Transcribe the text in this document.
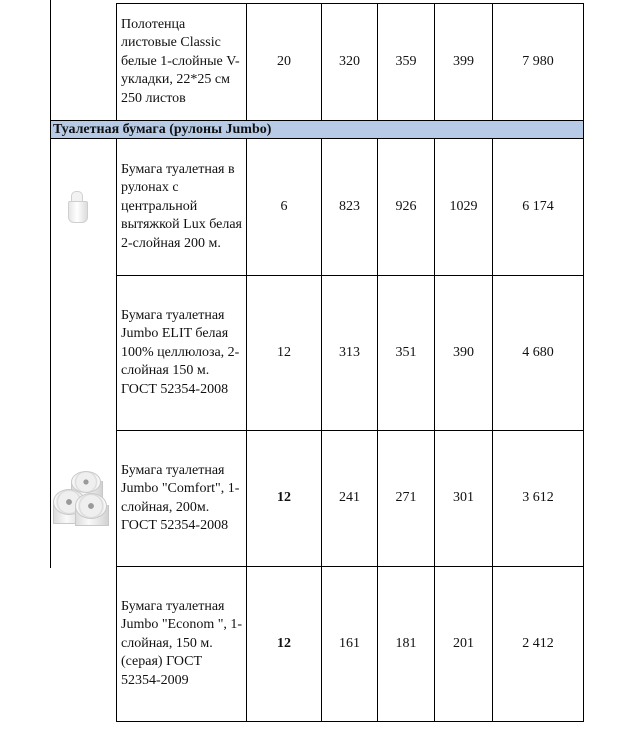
	Полотенца листовые Classic белые 1-слойные V-укладки, 22*25 см 250 листов	20	320	359	399	7 980
Туалетная бумага (рулоны Jumbo)						

	Бумага туалетная в рулонах с центральной вытяжкой Lux белая 2-слойная 200 м.	6	823	926	1029	6 174
	Бумага туалетная Jumbo ELIT белая 100% целлюлоза, 2-слойная 150 м. ГОСТ 52354-2008	12	313	351	390	4 680

	Бумага туалетная Jumbo "Comfort", 1-слойная, 200м. ГОСТ 52354-2008	12	241	271	301	3 612
	Бумага туалетная Jumbo "Econom ", 1-слойная, 150 м. (серая) ГОСТ 52354-2009	12	161	181	201	2 412
